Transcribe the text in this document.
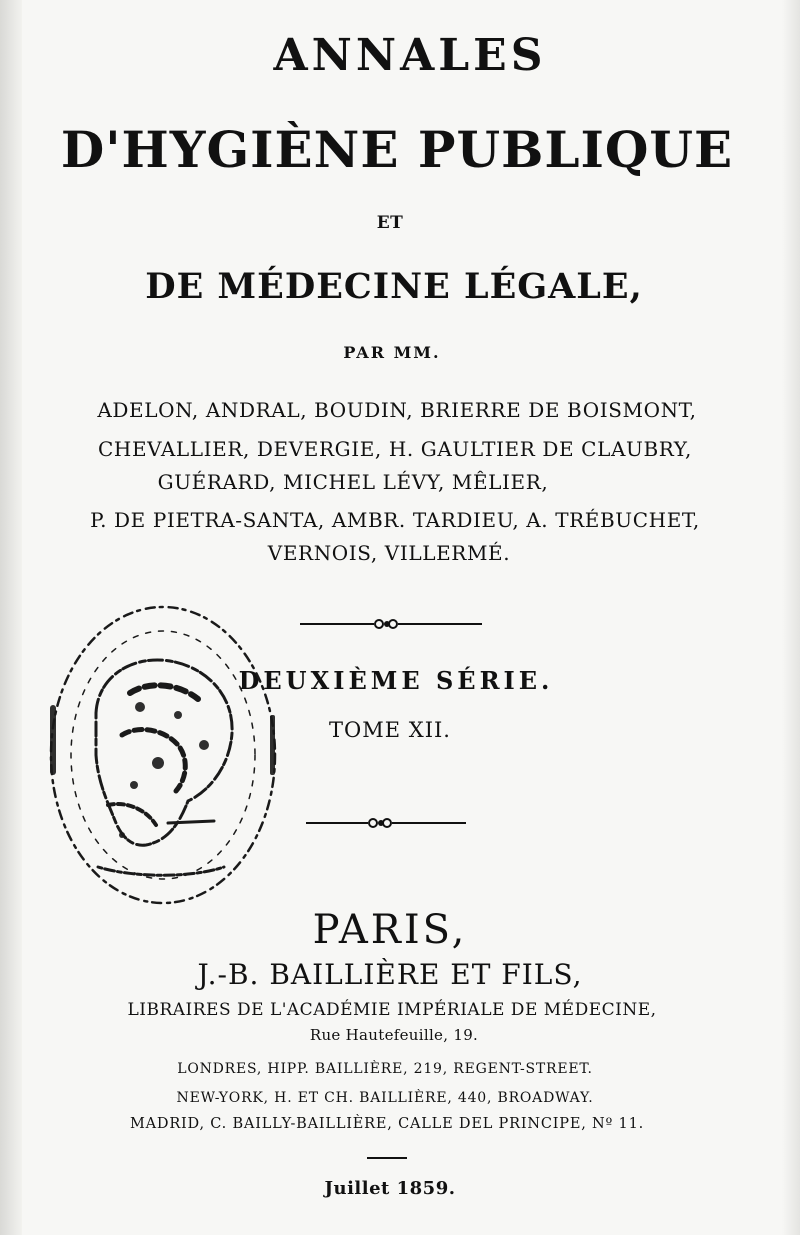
ANNALES
D'HYGIÈNE PUBLIQUE
ET
DE MÉDECINE LÉGALE,
PAR MM.
ADELON, ANDRAL, BOUDIN, BRIERRE DE BOISMONT,
CHEVALLIER, DEVERGIE, H. GAULTIER DE CLAUBRY,
GUÉRARD, MICHEL LÉVY, MÊLIER,
P. DE PIETRA-SANTA, AMBR. TARDIEU, A. TRÉBUCHET,
VERNOIS, VILLERMÉ.
DEUXIÈME SÉRIE.
TOME XII.
PARIS,
J.-B. BAILLIÈRE ET FILS,
LIBRAIRES DE L'ACADÉMIE IMPÉRIALE DE MÉDECINE,
Rue Hautefeuille, 19.
LONDRES, HIPP. BAILLIÈRE, 219, REGENT-STREET.
NEW-YORK, H. ET CH. BAILLIÈRE, 440, BROADWAY.
MADRID, C. BAILLY-BAILLIÈRE, CALLE DEL PRINCIPE, Nº 11.
Juillet 1859.
